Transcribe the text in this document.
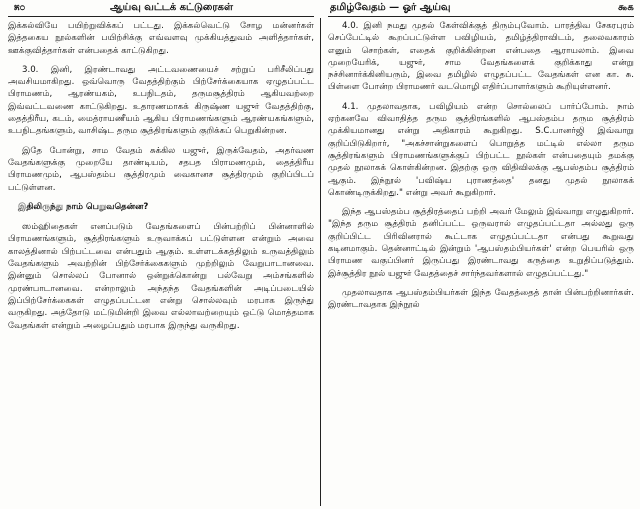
೫೦	ஆய்வு வட்டக் கட்டுரைகள்	தமிழ்வேதம் — ஓர் ஆய்வு	௯௧

இக்கல்வியே பயிற்றுவிக்கப் பட்டது. இக்கல்வெட்டு சோழ மன்னர்கள் இத்தகைய நூல்களின் பயிற்சிக்கு எவ்வளவு முக்கியத்துவம் அளித்தார்கள், ஊக்குவித்தார்கள் என்பதைக் காட்டுகிறது.

3.0. இனி, இரண்டாவது அட்டவணையைச் சற்றுப் பரிசீலிப்பது அவசியமாகிறது. ஒவ்வொரு வேதத்திற்கும் பிற்சேர்க்கையாக ஏழுதப்பட்ட பிராமணம், ஆரண்யகம், உபநிடதம், தருமசூத்திரம் ஆகியவற்றை இவ்வட்டவணை காட்டுகிறது. உதாரணமாகக் கிருஷ்ண யஜுர் வேதத்திற்கு, தைத்திரீய, கடம், மைத்ராயணீயம் ஆகிய பிராமணங்களும் ஆரண்யகங்களும், உபநிடதங்களும், வாசிஷ்ட தரும சூத்திரங்களும் குறிக்கப் பெறுகின்றன.

இதே போன்று, சாம வேதம் சுக்கில யஜுர், இருக்வேதம், அதர்வண வேதங்களுக்கு முறையே தாண்டியம், சதபத பிராமணமும், தைத்திரீய பிராமணமும், ஆபஸ்தம்ப சூத்திரமும் வைகானச சூத்திரமும் குறிப்பிடப் பட்டுள்ளன.

இதிலிருந்து நாம் பெறுவதென்ன?

ஸம்ஹிதைகள் எனப்படும் வேதங்களைப் பின்பற்றிப் பின்னாளில் பிராமணங்களும், சூத்திரங்களும் உருவாக்கப் பட்டுள்ளன என்றும் அவை காலத்தினால் பிற்பட்டவை என்பதும் ஆகும். உள்ளடக்கத்திலும் உருவத்திலும் வேதங்களும் அவற்றின் பிற்சேர்க்கைகளும் முற்றிலும் வேறுபாடானவை. இன்னும் சொல்லப் போனால் ஒன்றுக்கொன்று பல்வேறு அம்சங்களில் முரண்பாடானவை. என்றாலும் அந்தந்த வேதங்களின் அடிப்படையில் இப்பிற்சேர்க்கைகள் எழுதப்பட்டன என்று சொல்லவும் மரபாக இருந்து வருகிறது. அத்தோடு மட்டுமின்றி இவை எல்லாவற்றையும் ஒட்டு மொத்தமாக வேதங்கள் என்றும் அழைப்பதும் மரபாக இருந்து வருகிறது.

4.0. இனி நமது முதல் கேள்விக்குத் திரும்புவோம். பாரத்திவ சேகரபுரம் செப்பேட்டில் கூறப்பட்டுள்ள பவிழியம், தமிழ்த்திராவிடம், தலைவகாரம் எனும் சொற்கள், எதைக் குறிக்கின்றன என்பதை ஆராயலாம். இவை முறையேரிக், யஜுர், சாம வேதங்களைக் குறிக்காது என்று நச்சினார்க்கினியரும், இவை தமிழில் எழுதப்பட்ட வேதங்கள் என கா. சு. பிள்ளை போன்ற பிராமணர் வடமொழி எதிர்ப்பாளர்களும் கூறியுள்ளனர்.

4.1. முதலாவதாக, பவிழியம் என்ற சொல்லைப் பார்ப்போம். நாம் ஏற்கனவே விவாதித்த தரும சூத்திரங்களில் ஆபஸ்தம்ப தரும சூத்திரம் முக்கியமானது என்று அதிகாரம் கூறுகிறது. S.C.பானர்ஜி இவ்வாறு குறிப்பிடுகிறார், "அகச்சான்றுகளைப் பொறுத்த மட்டில் எல்லா தரும சூத்திரங்களும் பிராமணங்களுக்குப் பிற்பட்ட நூல்கள் என்பதையும் தமக்கு முதல் நூலாகக் கொள்கின்றன. இதற்கு ஒரு விதிவிலக்கு ஆபஸ்தம்ப சூத்திரம் ஆகும். இந்நூல் 'பவிஷ்ய புராணத்தை' தனது முதல் நூலாகக் கொண்டிருக்கிறது." என்று அவர் கூறுகிறார்.

இந்த ஆபஸ்தம்ப சூத்திரத்தைப் பற்றி அவர் மேலும் இவ்வாறு எழுதுகிறார். "இந்த தரும சூத்திரம் தனிப்பட்ட ஒருவரால் எழுதப்பட்டதா அல்லது ஒரு குறிப்பிட்ட பிரிவினரால் கூட்டாக எழுதப்பட்டதா என்பது கூறுவது கடினமாகும். தென்னாட்டில் இன்றும் 'ஆபஸ்தம்பியர்கள்' என்ற பெயரில் ஒரு பிராமண வகுப்பினர் இருப்பது இரண்டாவது கருத்தை உறுதிப்படுத்தும். இச்சூத்திர நூல் யஜுர் வேதத்தைச் சார்ந்தவர்களால் எழுதப்பட்டது."

முதலாவதாக ஆபஸ்தம்பியர்கள் இந்த வேதத்தைத் தான் பின்பற்றினார்கள். இரண்டாவதாக இந்நூல்
